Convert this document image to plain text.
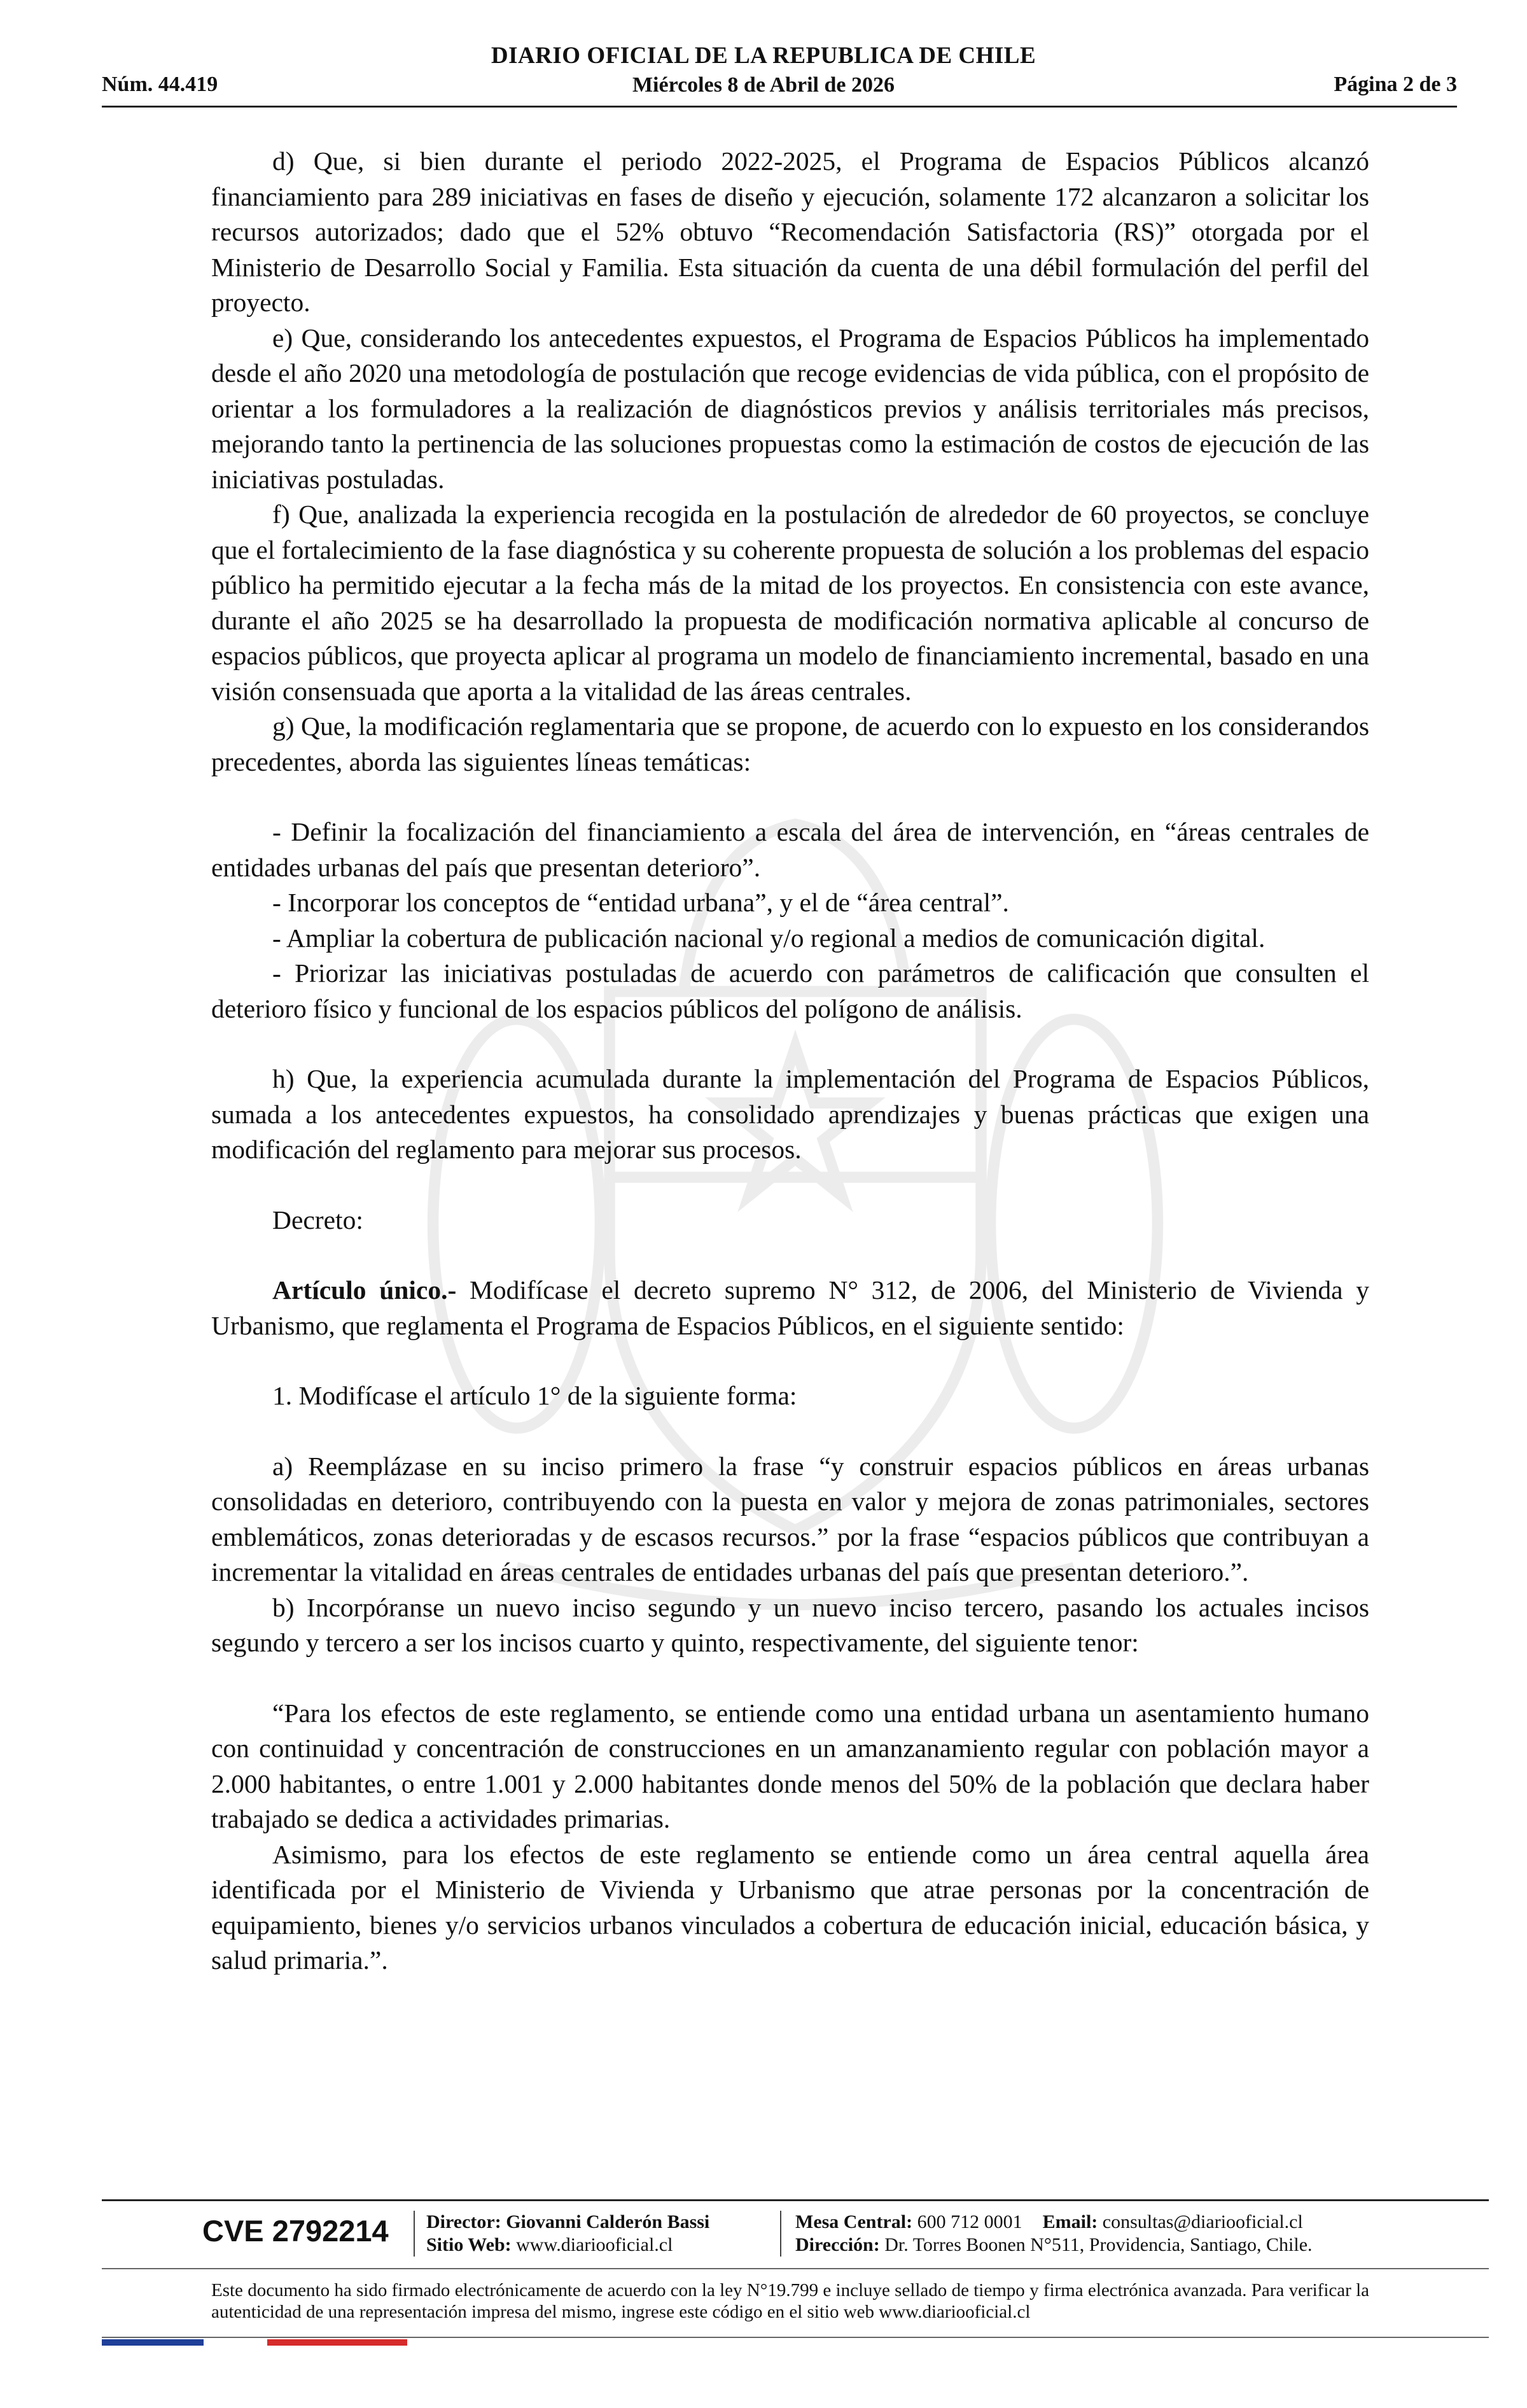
Núm. 44.419
DIARIO OFICIAL DE LA REPUBLICA DE CHILE
Miércoles 8 de Abril de 2026	Página 2 de 3

d) Que, si bien durante el periodo 2022-2025, el Programa de Espacios Públicos alcanzó financiamiento para 289 iniciativas en fases de diseño y ejecución, solamente 172 alcanzaron a solicitar los recursos autorizados; dado que el 52% obtuvo “Recomendación Satisfactoria (RS)” otorgada por el Ministerio de Desarrollo Social y Familia. Esta situación da cuenta de una débil formulación del perfil del proyecto.

e) Que, considerando los antecedentes expuestos, el Programa de Espacios Públicos ha implementado desde el año 2020 una metodología de postulación que recoge evidencias de vida pública, con el propósito de orientar a los formuladores a la realización de diagnósticos previos y análisis territoriales más precisos, mejorando tanto la pertinencia de las soluciones propuestas como la estimación de costos de ejecución de las iniciativas postuladas.

f) Que, analizada la experiencia recogida en la postulación de alrededor de 60 proyectos, se concluye que el fortalecimiento de la fase diagnóstica y su coherente propuesta de solución a los problemas del espacio público ha permitido ejecutar a la fecha más de la mitad de los proyectos. En consistencia con este avance, durante el año 2025 se ha desarrollado la propuesta de modificación normativa aplicable al concurso de espacios públicos, que proyecta aplicar al programa un modelo de financiamiento incremental, basado en una visión consensuada que aporta a la vitalidad de las áreas centrales.

g) Que, la modificación reglamentaria que se propone, de acuerdo con lo expuesto en los considerandos precedentes, aborda las siguientes líneas temáticas:

- Definir la focalización del financiamiento a escala del área de intervención, en “áreas centrales de entidades urbanas del país que presentan deterioro”.

- Incorporar los conceptos de “entidad urbana”, y el de “área central”.

- Ampliar la cobertura de publicación nacional y/o regional a medios de comunicación digital.

- Priorizar las iniciativas postuladas de acuerdo con parámetros de calificación que consulten el deterioro físico y funcional de los espacios públicos del polígono de análisis.

h) Que, la experiencia acumulada durante la implementación del Programa de Espacios Públicos, sumada a los antecedentes expuestos, ha consolidado aprendizajes y buenas prácticas que exigen una modificación del reglamento para mejorar sus procesos.

Decreto:

Artículo único.- Modifícase el decreto supremo N° 312, de 2006, del Ministerio de Vivienda y Urbanismo, que reglamenta el Programa de Espacios Públicos, en el siguiente sentido:

1. Modifícase el artículo 1° de la siguiente forma:

a) Reemplázase en su inciso primero la frase “y construir espacios públicos en áreas urbanas consolidadas en deterioro, contribuyendo con la puesta en valor y mejora de zonas patrimoniales, sectores emblemáticos, zonas deterioradas y de escasos recursos.” por la frase “espacios públicos que contribuyan a incrementar la vitalidad en áreas centrales de entidades urbanas del país que presentan deterioro.”.

b) Incorpóranse un nuevo inciso segundo y un nuevo inciso tercero, pasando los actuales incisos segundo y tercero a ser los incisos cuarto y quinto, respectivamente, del siguiente tenor:

“Para los efectos de este reglamento, se entiende como una entidad urbana un asentamiento humano con continuidad y concentración de construcciones en un amanzanamiento regular con población mayor a 2.000 habitantes, o entre 1.001 y 2.000 habitantes donde menos del 50% de la población que declara haber trabajado se dedica a actividades primarias.

Asimismo, para los efectos de este reglamento se entiende como un área central aquella área identificada por el Ministerio de Vivienda y Urbanismo que atrae personas por la concentración de equipamiento, bienes y/o servicios urbanos vinculados a cobertura de educación inicial, educación básica, y salud primaria.”.

CVE 2792214 Director: Giovanni Calderón Bassi
Sitio Web: www.diariooficial.cl
Mesa Central: 600 712 0001 Email: consultas@diariooficial.cl
Dirección: Dr. Torres Boonen N°511, Providencia, Santiago, Chile.
Este documento ha sido firmado electrónicamente de acuerdo con la ley N°19.799 e incluye sellado de tiempo y firma electrónica avanzada. Para verificar la autenticidad de una representación impresa del mismo, ingrese este código en el sitio web www.diariooficial.cl
